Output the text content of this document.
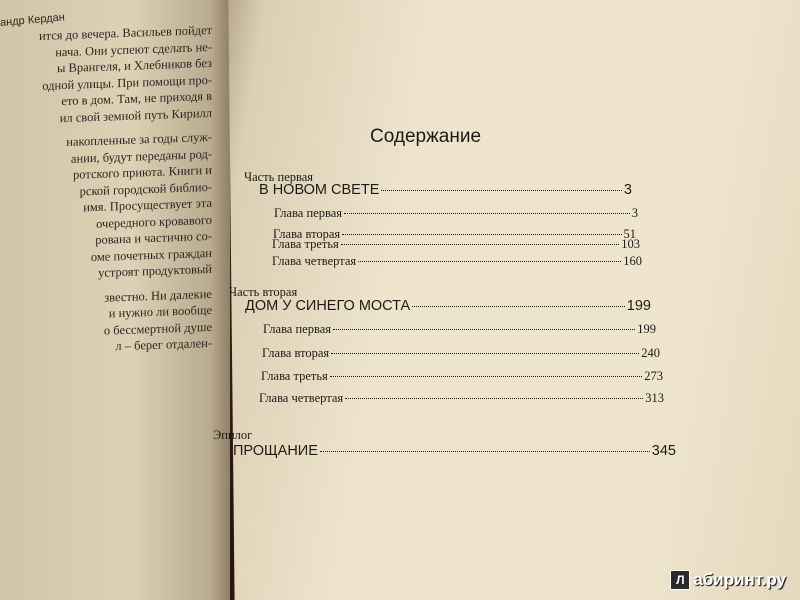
андр Кердан
ится до вечера. Васильев пойдет
нача. Они успеют сделать не-
ы Врангеля, и Хлебников без
одной улицы. При помощи про-
ето в дом. Там, не приходя в
ил свой земной путь Кирилл
накопленные за годы служ-
ании, будут переданы род-
ротского приюта. Книги и
рской городской библио-
имя. Просуществует эта
очередного кровавого
рована и частично со-
оме почетных граждан
устроят продуктовый
звестно. Ни далекие
и нужно ли вообще
о бессмертной душе
л – берег отдален-
Содержание
Часть первая
В НОВОМ СВЕТЕ	3
Глава первая	3
Глава вторая	51
Глава третья	103
Глава четвертая	160
Часть вторая
ДОМ У СИНЕГО МОСТА	199
Глава первая	199
Глава вторая	240
Глава третья	273
Глава четвертая	313
Эпилог
ПРОЩАНИЕ	345
Л абиринт.ру
